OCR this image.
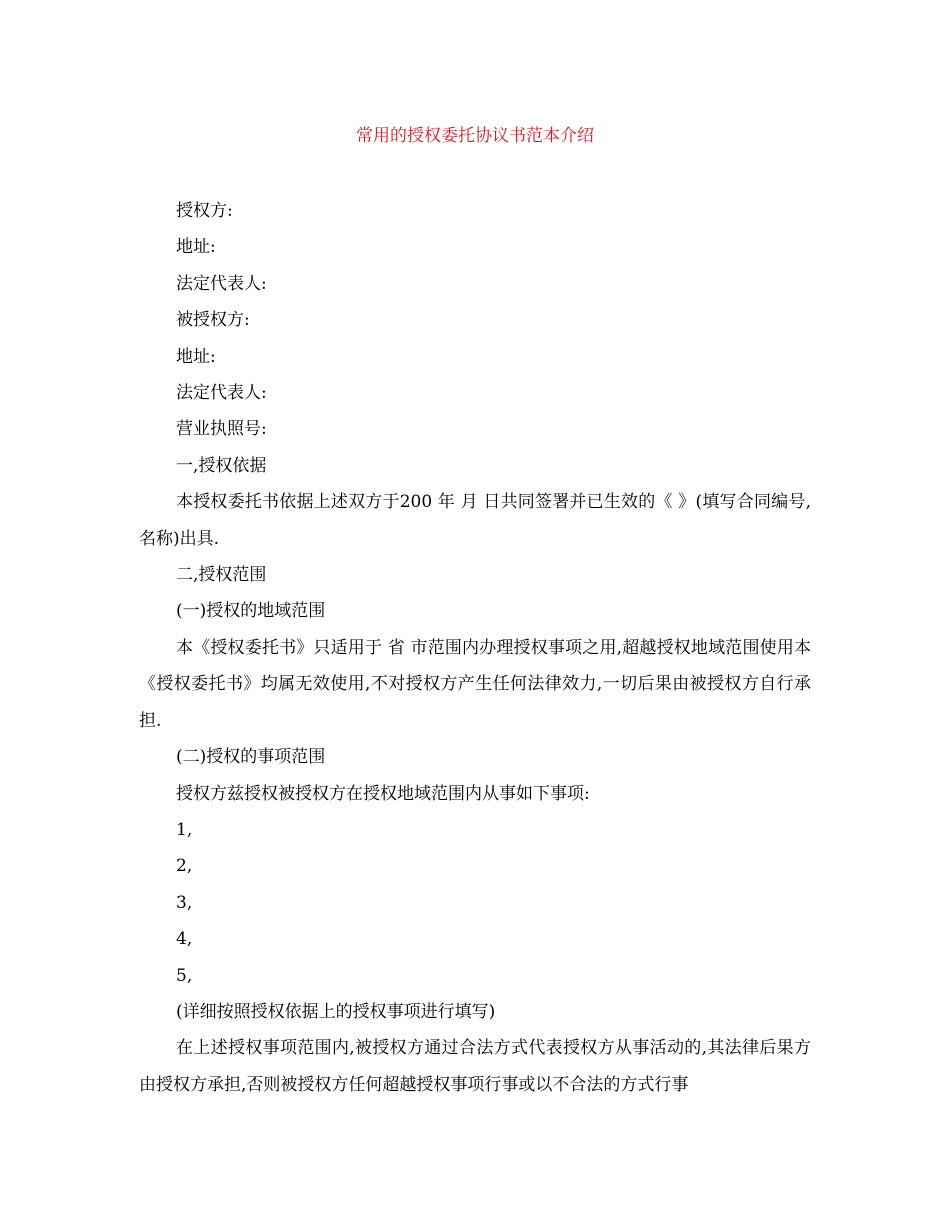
常用的授权委托协议书范本介绍

授权方:

地址:

法定代表人:

被授权方:

地址:

法定代表人:

营业执照号:

一,授权依据

本授权委托书依据上述双方于200 年 月 日共同签署并已生效的《 》(填写合同编号,名称)出具.

二,授权范围

(一)授权的地域范围

本《授权委托书》只适用于 省 市范围内办理授权事项之用,超越授权地域范围使用本《授权委托书》均属无效使用,不对授权方产生任何法律效力,一切后果由被授权方自行承担.

(二)授权的事项范围

授权方兹授权被授权方在授权地域范围内从事如下事项:

1,

2,

3,

4,

5,

(详细按照授权依据上的授权事项进行填写)

在上述授权事项范围内,被授权方通过合法方式代表授权方从事活动的,其法律后果方由授权方承担,否则被授权方任何超越授权事项行事或以不合法的方式行事
